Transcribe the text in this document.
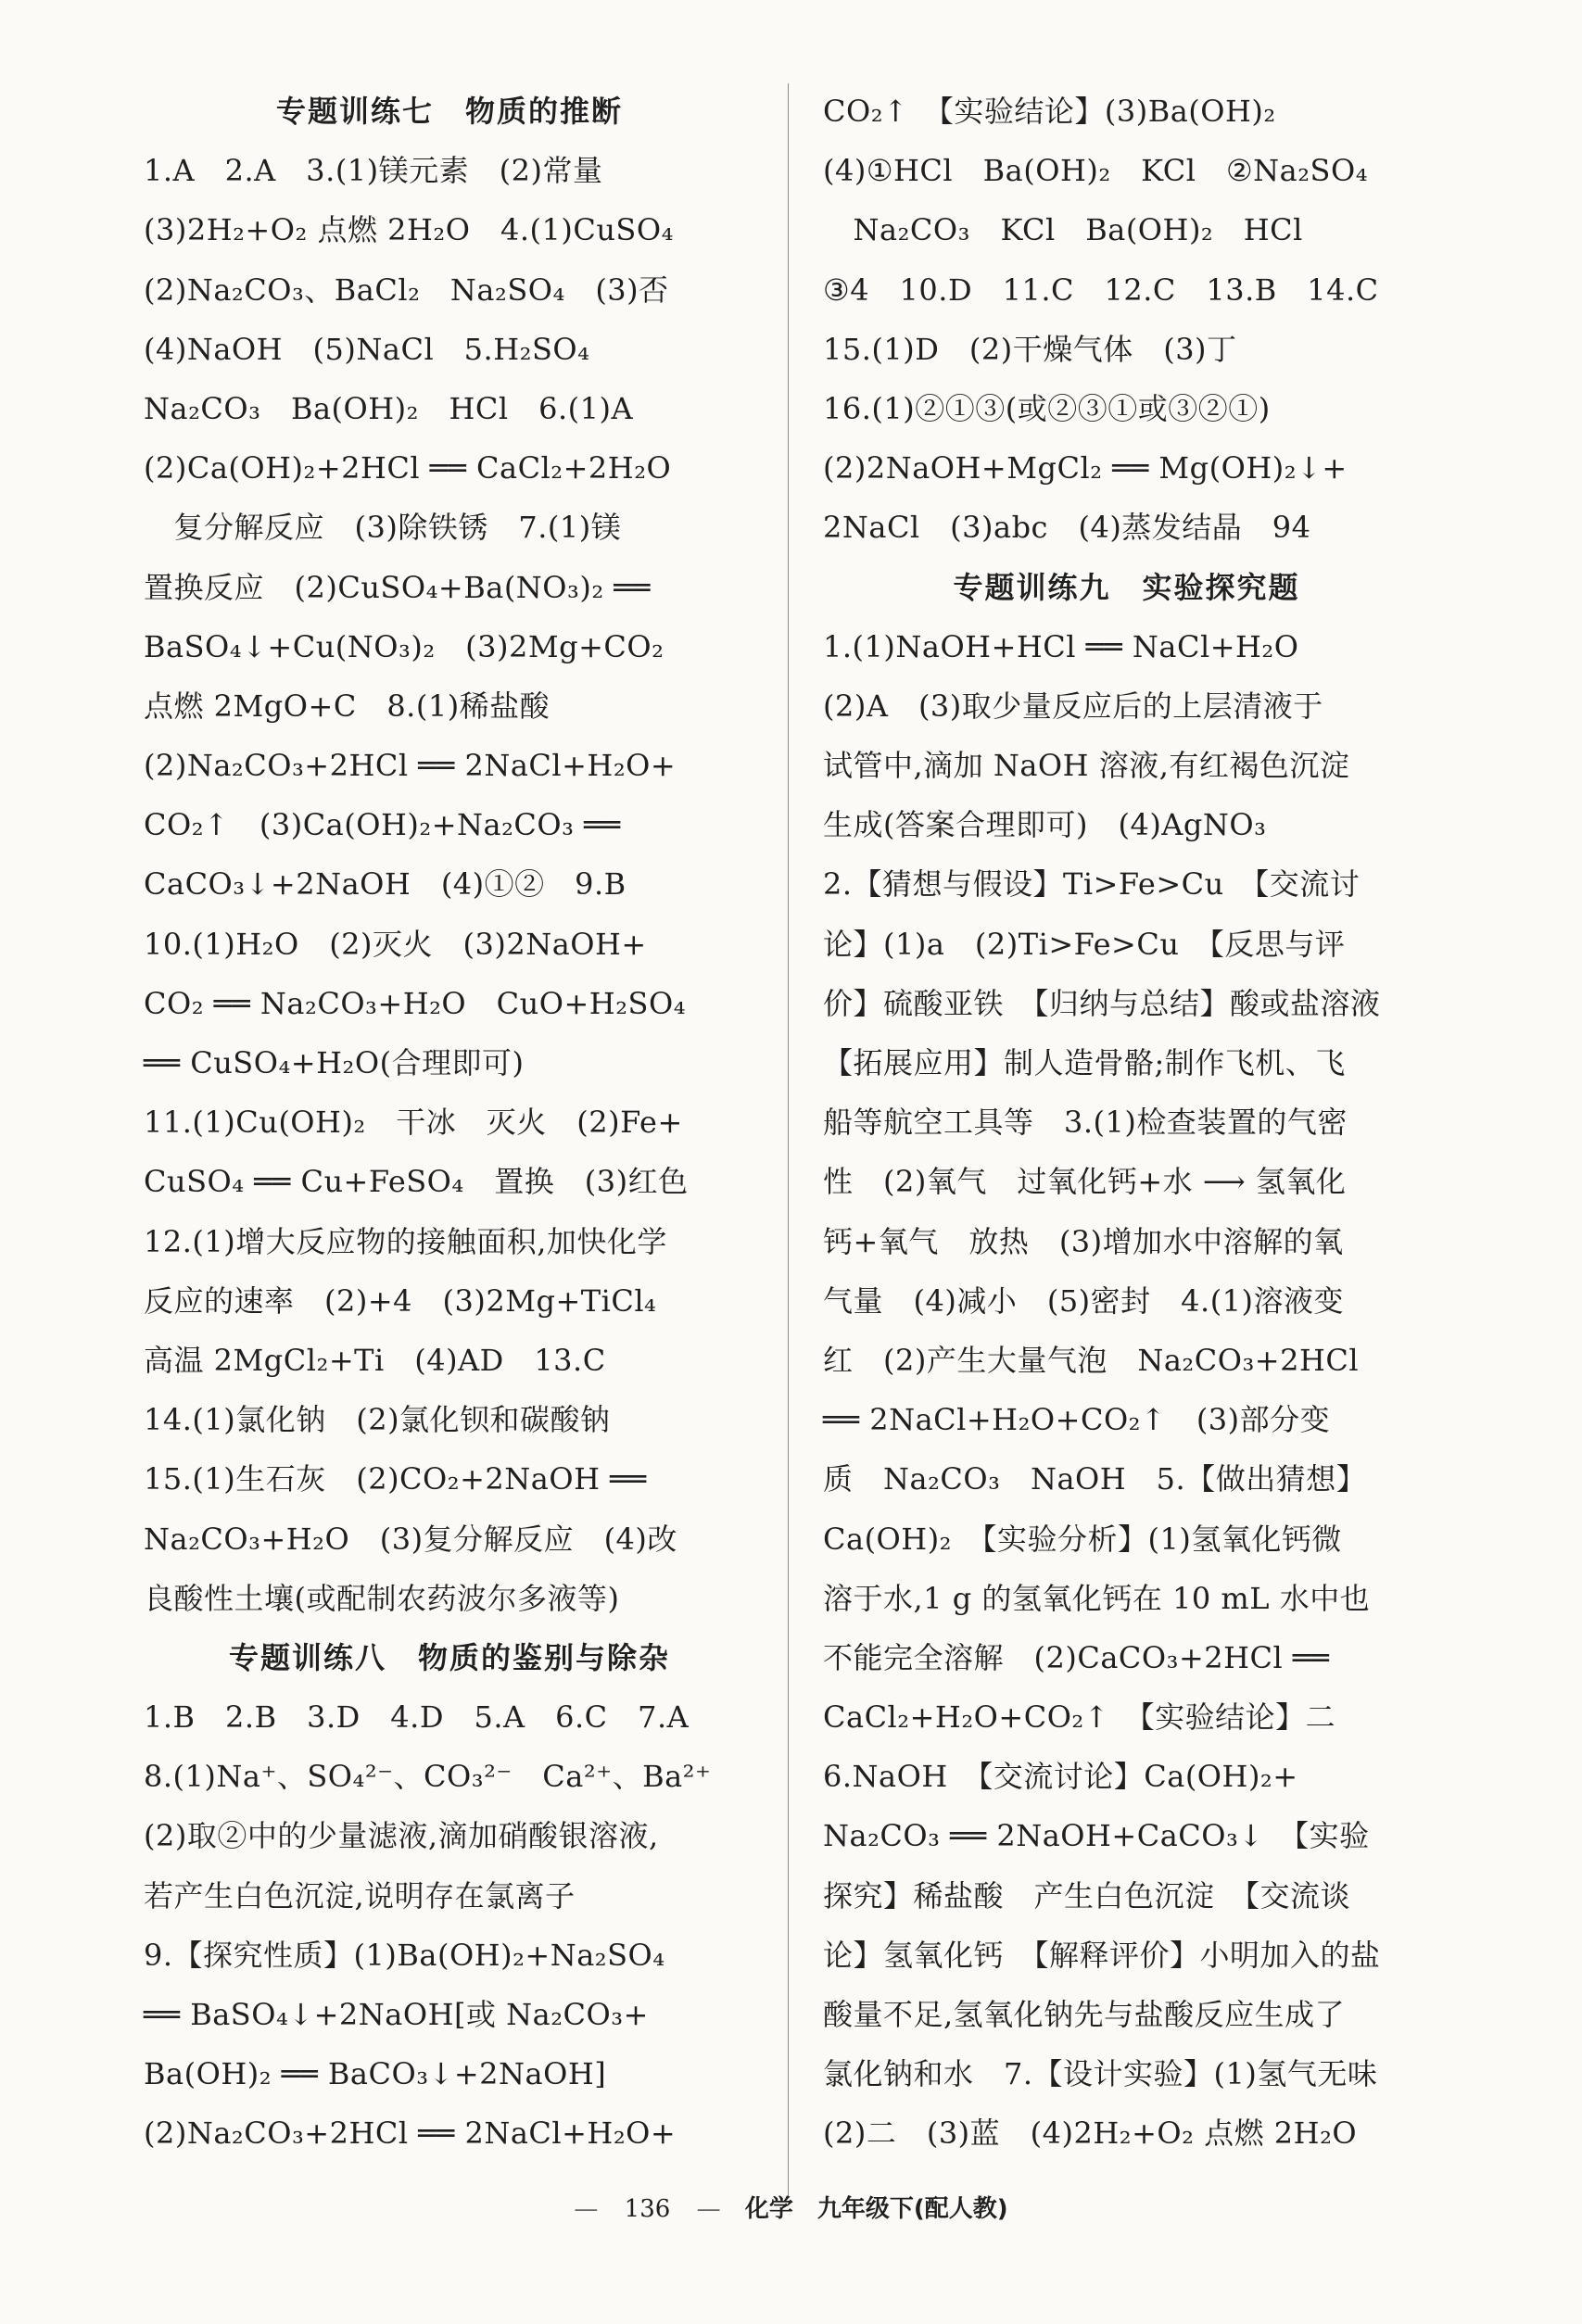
专题训练七　物质的推断
1.A　2.A　3.(1)镁元素　(2)常量
(3)2H₂+O₂ 点燃 2H₂O　4.(1)CuSO₄
(2)Na₂CO₃、BaCl₂　Na₂SO₄　(3)否
(4)NaOH　(5)NaCl　5.H₂SO₄
Na₂CO₃　Ba(OH)₂　HCl　6.(1)A
(2)Ca(OH)₂+2HCl ══ CaCl₂+2H₂O
　复分解反应　(3)除铁锈　7.(1)镁
置换反应　(2)CuSO₄+Ba(NO₃)₂ ══
BaSO₄↓+Cu(NO₃)₂　(3)2Mg+CO₂
点燃 2MgO+C　8.(1)稀盐酸
(2)Na₂CO₃+2HCl ══ 2NaCl+H₂O+
CO₂↑　(3)Ca(OH)₂+Na₂CO₃ ══
CaCO₃↓+2NaOH　(4)①②　9.B
10.(1)H₂O　(2)灭火　(3)2NaOH+
CO₂ ══ Na₂CO₃+H₂O　CuO+H₂SO₄
══ CuSO₄+H₂O(合理即可)
11.(1)Cu(OH)₂　干冰　灭火　(2)Fe+
CuSO₄ ══ Cu+FeSO₄　置换　(3)红色
12.(1)增大反应物的接触面积,加快化学
反应的速率　(2)+4　(3)2Mg+TiCl₄
高温 2MgCl₂+Ti　(4)AD　13.C
14.(1)氯化钠　(2)氯化钡和碳酸钠
15.(1)生石灰　(2)CO₂+2NaOH ══
Na₂CO₃+H₂O　(3)复分解反应　(4)改
良酸性土壤(或配制农药波尔多液等)
专题训练八　物质的鉴别与除杂
1.B　2.B　3.D　4.D　5.A　6.C　7.A
8.(1)Na⁺、SO₄²⁻、CO₃²⁻　Ca²⁺、Ba²⁺
(2)取②中的少量滤液,滴加硝酸银溶液,
若产生白色沉淀,说明存在氯离子
9.【探究性质】(1)Ba(OH)₂+Na₂SO₄
══ BaSO₄↓+2NaOH[或 Na₂CO₃+
Ba(OH)₂ ══ BaCO₃↓+2NaOH]
(2)Na₂CO₃+2HCl ══ 2NaCl+H₂O+
CO₂↑　【实验结论】(3)Ba(OH)₂
(4)①HCl　Ba(OH)₂　KCl　②Na₂SO₄
　Na₂CO₃　KCl　Ba(OH)₂　HCl
③4　10.D　11.C　12.C　13.B　14.C
15.(1)D　(2)干燥气体　(3)丁
16.(1)②①③(或②③①或③②①)
(2)2NaOH+MgCl₂ ══ Mg(OH)₂↓+
2NaCl　(3)abc　(4)蒸发结晶　94
专题训练九　实验探究题
1.(1)NaOH+HCl ══ NaCl+H₂O
(2)A　(3)取少量反应后的上层清液于
试管中,滴加 NaOH 溶液,有红褐色沉淀
生成(答案合理即可)　(4)AgNO₃
2.【猜想与假设】Ti>Fe>Cu　【交流讨
论】(1)a　(2)Ti>Fe>Cu　【反思与评
价】硫酸亚铁　【归纳与总结】酸或盐溶液
【拓展应用】制人造骨骼;制作飞机、飞
船等航空工具等　3.(1)检查装置的气密
性　(2)氧气　过氧化钙+水 ⟶ 氢氧化
钙+氧气　放热　(3)增加水中溶解的氧
气量　(4)减小　(5)密封　4.(1)溶液变
红　(2)产生大量气泡　Na₂CO₃+2HCl
══ 2NaCl+H₂O+CO₂↑　(3)部分变
质　Na₂CO₃　NaOH　5.【做出猜想】
Ca(OH)₂　【实验分析】(1)氢氧化钙微
溶于水,1 g 的氢氧化钙在 10 mL 水中也
不能完全溶解　(2)CaCO₃+2HCl ══
CaCl₂+H₂O+CO₂↑　【实验结论】二
6.NaOH　【交流讨论】Ca(OH)₂+
Na₂CO₃ ══ 2NaOH+CaCO₃↓　【实验
探究】稀盐酸　产生白色沉淀　【交流谈
论】氢氧化钙　【解释评价】小明加入的盐
酸量不足,氢氧化钠先与盐酸反应生成了
氯化钠和水　7.【设计实验】(1)氢气无味
(2)二　(3)蓝　(4)2H₂+O₂ 点燃 2H₂O
— 136 — 化学　九年级下(配人教)
